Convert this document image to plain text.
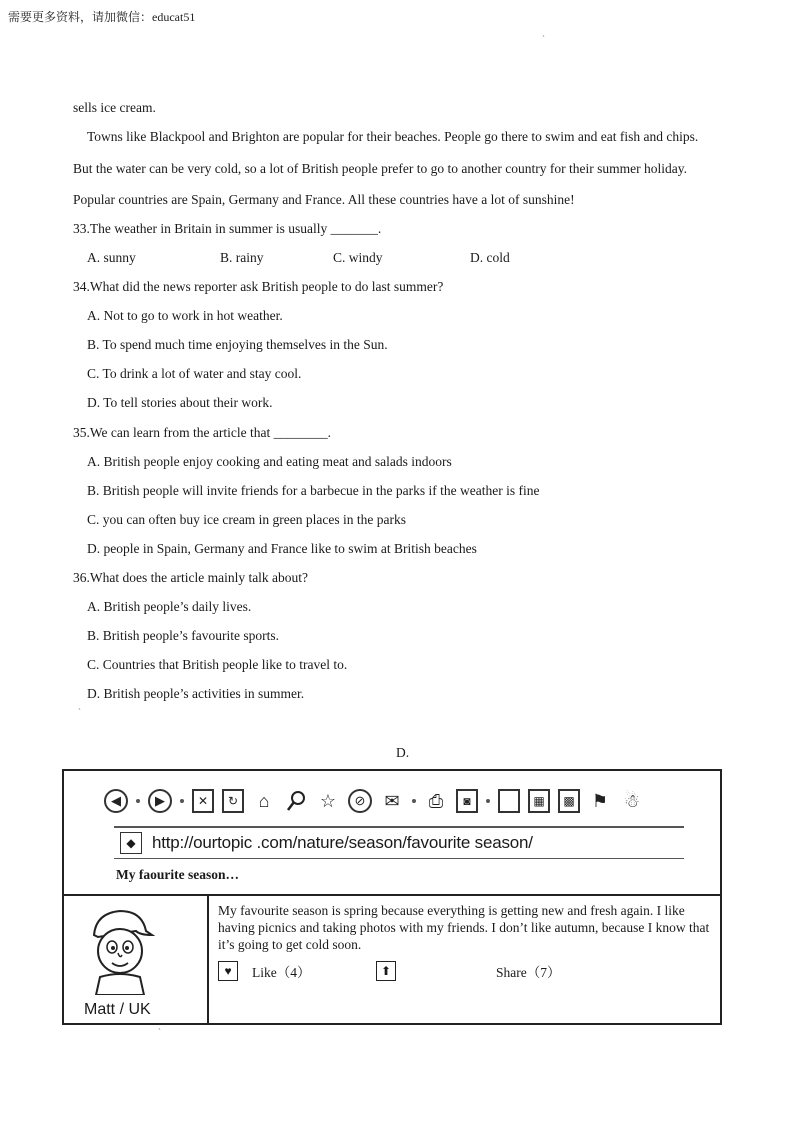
需要更多资料，请加微信：educat51
ˋ
sells ice cream.
Towns like Blackpool and Brighton are popular for their beaches. People go there to swim and eat fish and chips.
But the water can be very cold, so a lot of British people prefer to go to another country for their summer holiday.
Popular countries are Spain, Germany and France. All these countries have a lot of sunshine!
33.The weather in Britain in summer is usually _______.
A. sunny	B. rainy	C. windy	D. cold
34.What did the news reporter ask British people to do last summer?
A. Not to go to work in hot weather.
B. To spend much time enjoying themselves in the Sun.
C. To drink a lot of water and stay cool.
D. To tell stories about their work.
35.We can learn from the article that ________.
A. British people enjoy cooking and eating meat and salads indoors
B. British people will invite friends for a barbecue in the parks if the weather is fine
C. you can often buy ice cream in green places in the parks
D. people in Spain, Germany and France like to swim at British beaches
36.What does the article mainly talk about?
A. British people’s daily lives.
B. British people’s favourite sports.
C. Countries that British people like to travel to.
D. British people’s activities in summer.
ˋ
D.
◀	▶	✕	↻	⌂	☆	⊘	✉ ⎙	◙	▦	▩ ⚑ ☃
◆ http://ourtopic .com/nature/season/favourite season/
My faourite season…
Matt / UK
My favourite season is spring because everything is getting new and fresh again. I like having picnics and taking photos with my friends. I don’t like autumn, because I know that it’s going to get cold soon.
♥	Like（4）	⬆	Share（7）
ˋ
